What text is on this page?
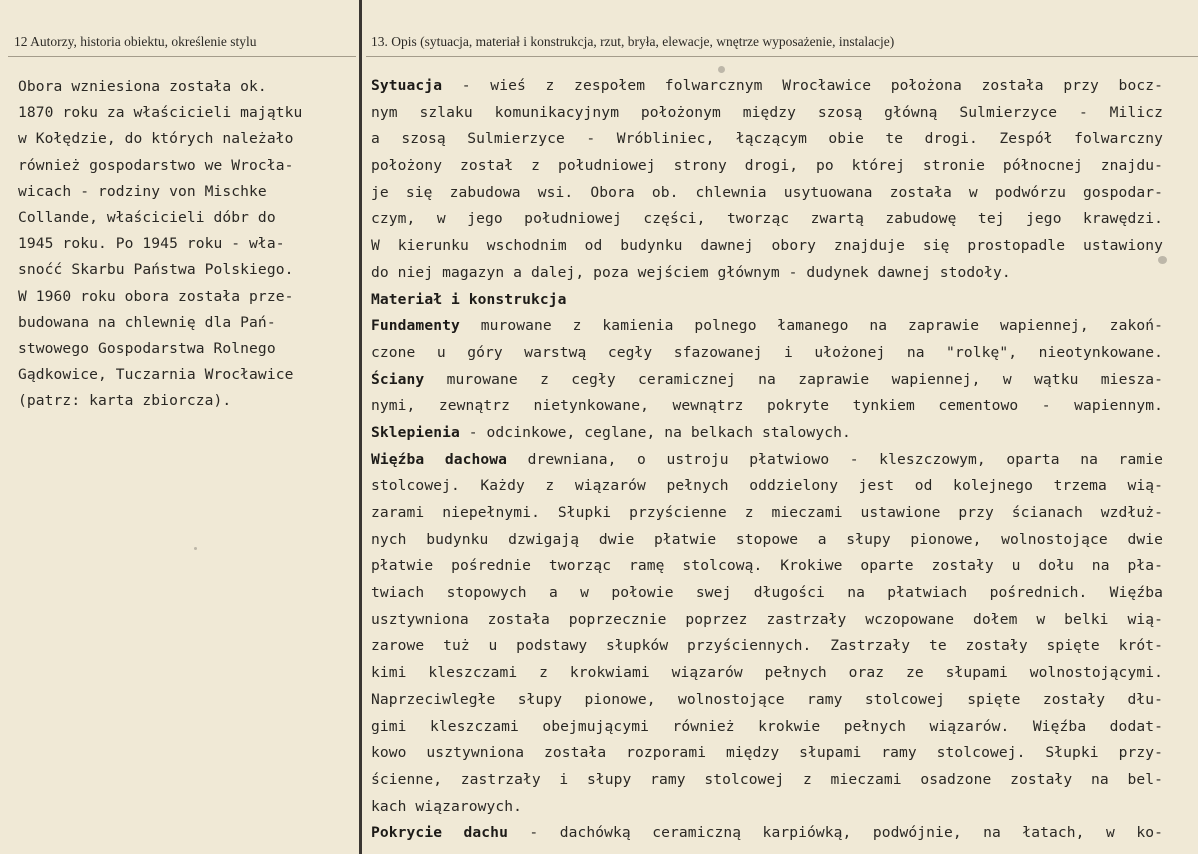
12 Autorzy, historia obiektu, określenie stylu
Obora wzniesiona została ok.
1870 roku za właścicieli majątku
w Kołędzie, do których należało
również gospodarstwo we Wrocła-
wicach - rodziny von Mischke
Collande, właścicieli dóbr do
1945 roku. Po 1945 roku - wła-
snoćć Skarbu Państwa Polskiego.
W 1960 roku obora została prze-
budowana na chlewnię dla Pań-
stwowego Gospodarstwa Rolnego
Gądkowice, Tuczarnia Wrocławice
(patrz: karta zbiorcza).
13. Opis (sytuacja, materiał i konstrukcja, rzut, bryła, elewacje, wnętrze wyposażenie, instalacje)
Sytuacja - wieś z zespołem folwarcznym Wrocławice położona została przy bocz-
nym szlaku komunikacyjnym położonym między szosą główną Sulmierzyce - Milicz
a szosą Sulmierzyce - Wróbliniec, łączącym obie te drogi. Zespół folwarczny
położony został z południowej strony drogi, po której stronie północnej znajdu-
je się zabudowa wsi. Obora ob. chlewnia usytuowana została w podwórzu gospodar-
czym, w jego południowej części, tworząc zwartą zabudowę tej jego krawędzi.
W kierunku wschodnim od budynku dawnej obory znajduje się prostopadle ustawiony
do niej magazyn a dalej, poza wejściem głównym - dudynek dawnej stodoły.
Materiał i konstrukcja
Fundamenty murowane z kamienia polnego łamanego na zaprawie wapiennej, zakoń-
czone u góry warstwą cegły sfazowanej i ułożonej na "rolkę", nieotynkowane.
Ściany murowane z cegły ceramicznej na zaprawie wapiennej, w wątku miesza-
nymi, zewnątrz nietynkowane, wewnątrz pokryte tynkiem cementowo - wapiennym.
Sklepienia - odcinkowe, ceglane, na belkach stalowych.
Więźba dachowa drewniana, o ustroju płatwiowo - kleszczowym, oparta na ramie
stolcowej. Każdy z wiązarów pełnych oddzielony jest od kolejnego trzema wią-
zarami niepełnymi. Słupki przyścienne z mieczami ustawione przy ścianach wzdłuż-
nych budynku dzwigają dwie płatwie stopowe a słupy pionowe, wolnostojące dwie
płatwie pośrednie tworząc ramę stolcową. Krokiwe oparte zostały u dołu na pła-
twiach stopowych a w połowie swej długości na płatwiach pośrednich. Więźba
usztywniona została poprzecznie poprzez zastrzały wczopowane dołem w belki wią-
zarowe tuż u podstawy słupków przyściennych. Zastrzały te zostały spięte krót-
kimi kleszczami z krokwiami wiązarów pełnych oraz ze słupami wolnostojącymi.
Naprzeciwległe słupy pionowe, wolnostojące ramy stolcowej spięte zostały dłu-
gimi kleszczami obejmującymi również krokwie pełnych wiązarów. Więźba dodat-
kowo usztywniona została rozporami między słupami ramy stolcowej. Słupki przy-
ścienne, zastrzały i słupy ramy stolcowej z mieczami osadzone zostały na bel-
kach wiązarowych.
Pokrycie dachu - dachówką ceramiczną karpiówką, podwójnie, na łatach, w ko-
